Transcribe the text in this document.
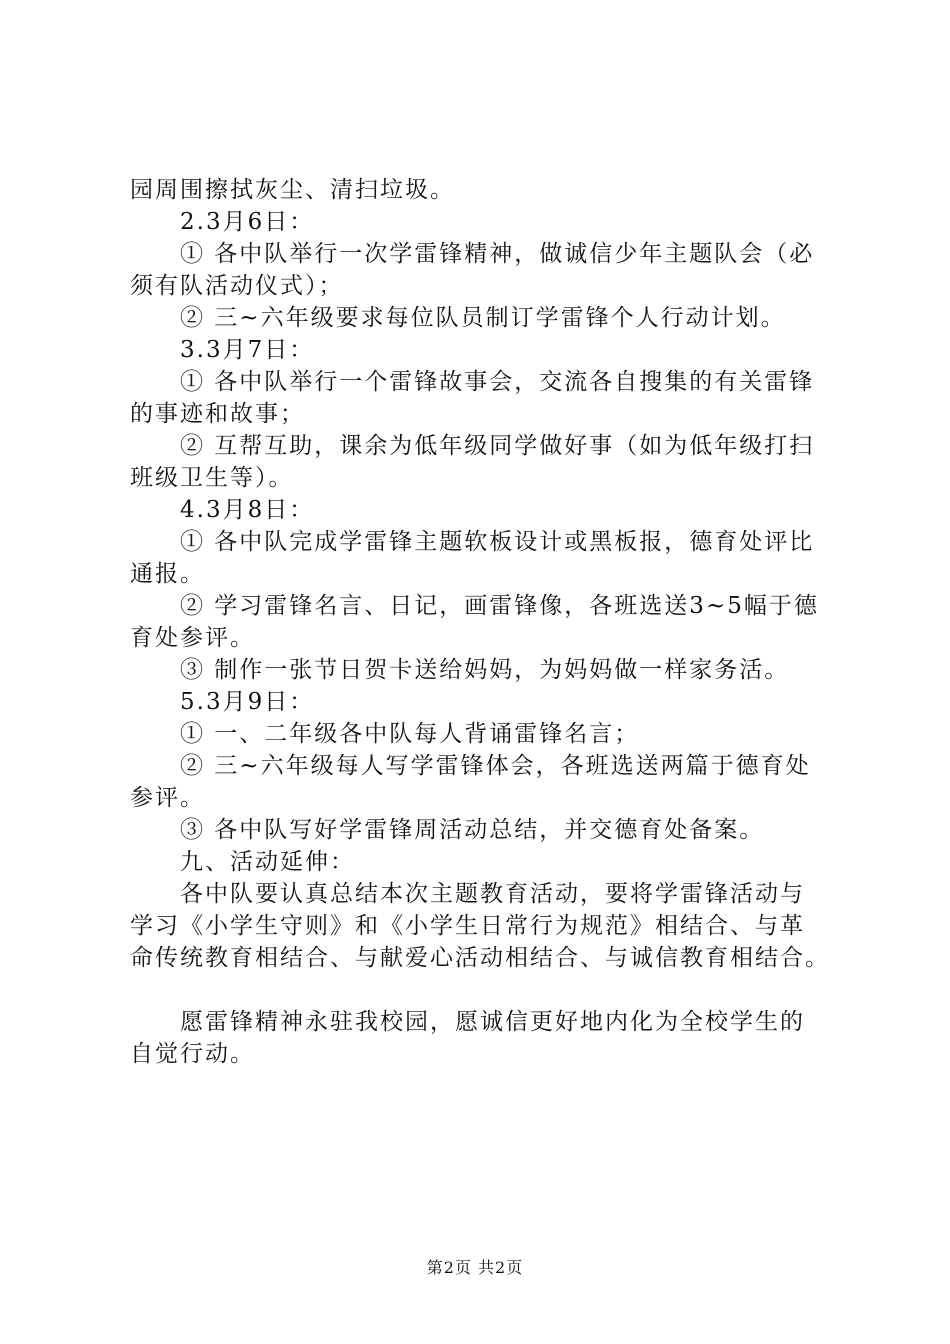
园周围擦拭灰尘、清扫垃圾。
2.3月6日：
① 各中队举行一次学雷锋精神，做诚信少年主题队会（必
须有队活动仪式）；
② 三~六年级要求每位队员制订学雷锋个人行动计划。
3.3月7日：
① 各中队举行一个雷锋故事会，交流各自搜集的有关雷锋
的事迹和故事；
② 互帮互助，课余为低年级同学做好事（如为低年级打扫
班级卫生等）。
4.3月8日：
① 各中队完成学雷锋主题软板设计或黑板报，德育处评比
通报。
② 学习雷锋名言、日记，画雷锋像，各班选送3~5幅于德
育处参评。
③ 制作一张节日贺卡送给妈妈，为妈妈做一样家务活。
5.3月9日：
① 一、二年级各中队每人背诵雷锋名言；
② 三~六年级每人写学雷锋体会，各班选送两篇于德育处
参评。
③ 各中队写好学雷锋周活动总结，并交德育处备案。
九、活动延伸：
各中队要认真总结本次主题教育活动，要将学雷锋活动与
学习《小学生守则》和《小学生日常行为规范》相结合、与革
命传统教育相结合、与献爱心活动相结合、与诚信教育相结合。
愿雷锋精神永驻我校园，愿诚信更好地内化为全校学生的
自觉行动。
第2页 共2页
